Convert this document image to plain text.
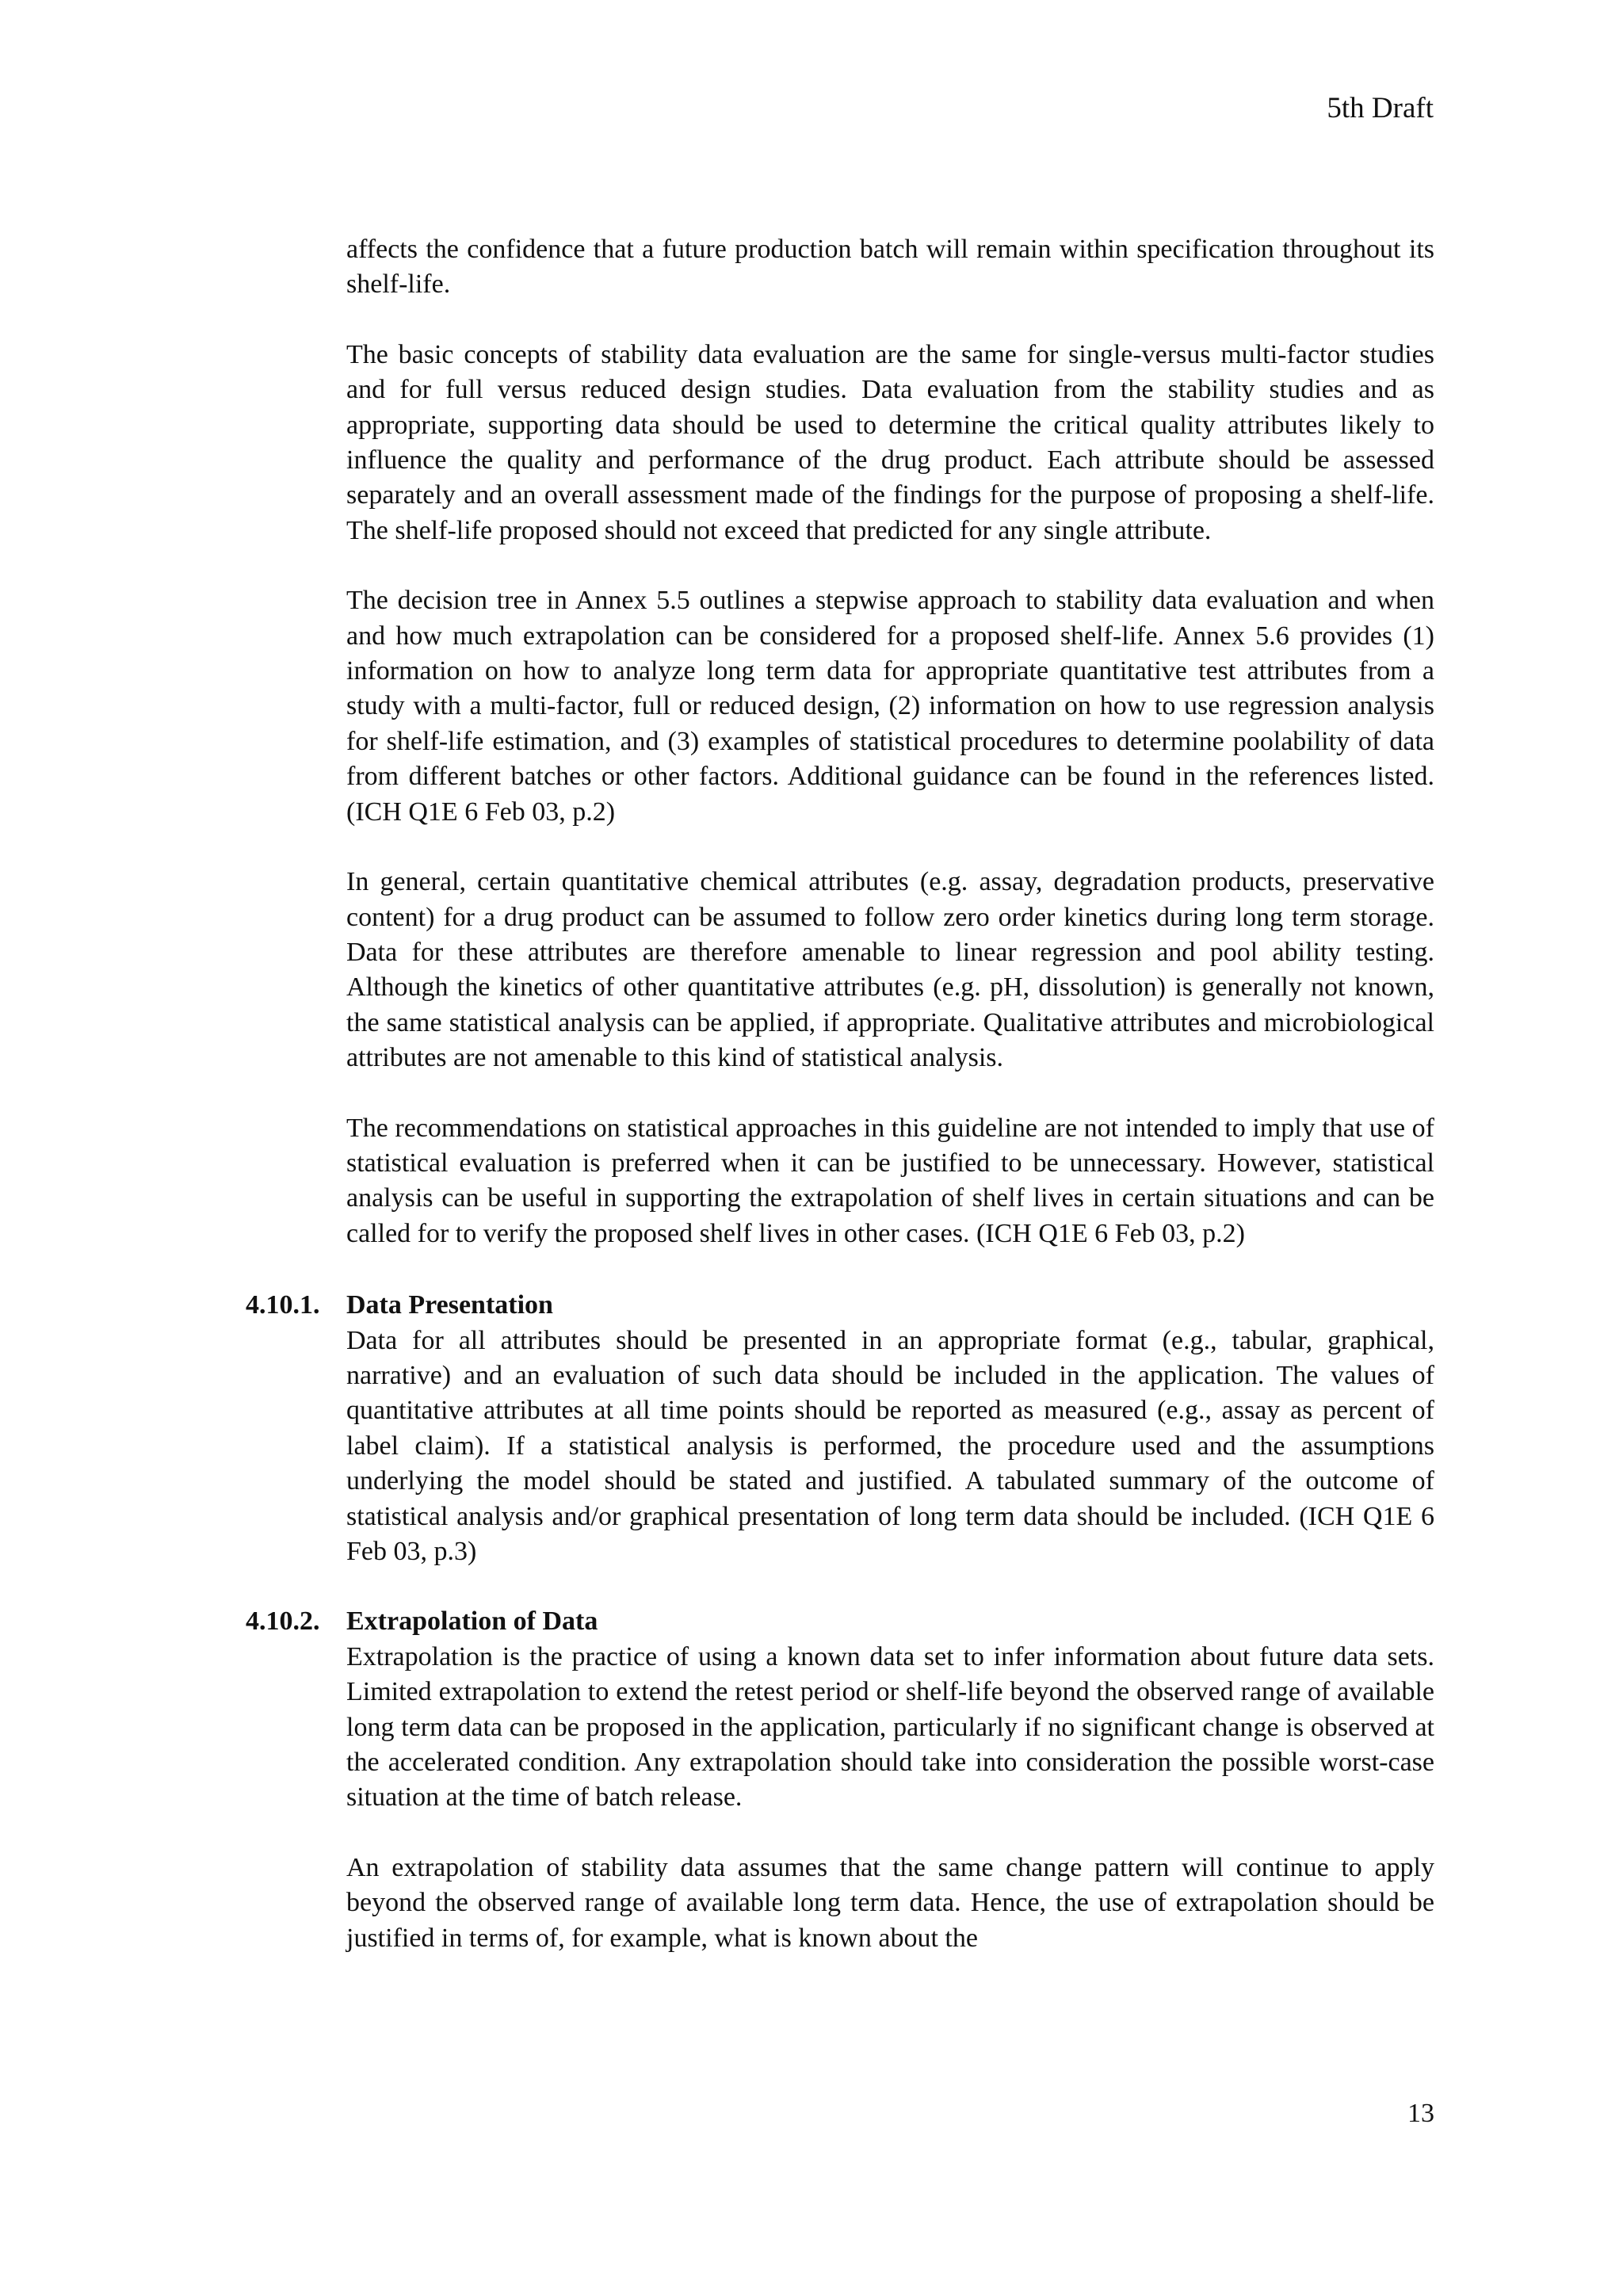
5th Draft

affects the confidence that a future production batch will remain within specification throughout its shelf-life.

The basic concepts of stability data evaluation are the same for single-versus multi-factor studies and for full versus reduced design studies. Data evaluation from the stability studies and as appropriate, supporting data should be used to determine the critical quality attributes likely to influence the quality and performance of the drug product. Each attribute should be assessed separately and an overall assessment made of the findings for the purpose of proposing a shelf-life. The shelf-life proposed should not exceed that predicted for any single attribute.

The decision tree in Annex 5.5 outlines a stepwise approach to stability data evaluation and when and how much extrapolation can be considered for a proposed shelf-life. Annex 5.6 provides (1) information on how to analyze long term data for appropriate quantitative test attributes from a study with a multi-factor, full or reduced design, (2) information on how to use regression analysis for shelf-life estimation, and (3) examples of statistical procedures to determine poolability of data from different batches or other factors. Additional guidance can be found in the references listed. (ICH Q1E 6 Feb 03, p.2)

In general, certain quantitative chemical attributes (e.g. assay, degradation products, preservative content) for a drug product can be assumed to follow zero order kinetics during long term storage. Data for these attributes are therefore amenable to linear regression and pool ability testing. Although the kinetics of other quantitative attributes (e.g. pH, dissolution) is generally not known, the same statistical analysis can be applied, if appropriate. Qualitative attributes and microbiological attributes are not amenable to this kind of statistical analysis.

The recommendations on statistical approaches in this guideline are not intended to imply that use of statistical evaluation is preferred when it can be justified to be unnecessary. However, statistical analysis can be useful in supporting the extrapolation of shelf lives in certain situations and can be called for to verify the proposed shelf lives in other cases. (ICH Q1E 6 Feb 03, p.2)

4.10.1. Data Presentation

Data for all attributes should be presented in an appropriate format (e.g., tabular, graphical, narrative) and an evaluation of such data should be included in the application. The values of quantitative attributes at all time points should be reported as measured (e.g., assay as percent of label claim). If a statistical analysis is performed, the procedure used and the assumptions underlying the model should be stated and justified. A tabulated summary of the outcome of statistical analysis and/or graphical presentation of long term data should be included. (ICH Q1E 6 Feb 03, p.3)

4.10.2. Extrapolation of Data

Extrapolation is the practice of using a known data set to infer information about future data sets. Limited extrapolation to extend the retest period or shelf-life beyond the observed range of available long term data can be proposed in the application, particularly if no significant change is observed at the accelerated condition. Any extrapolation should take into consideration the possible worst-case situation at the time of batch release.

An extrapolation of stability data assumes that the same change pattern will continue to apply beyond the observed range of available long term data. Hence, the use of extrapolation should be justified in terms of, for example, what is known about the

13
